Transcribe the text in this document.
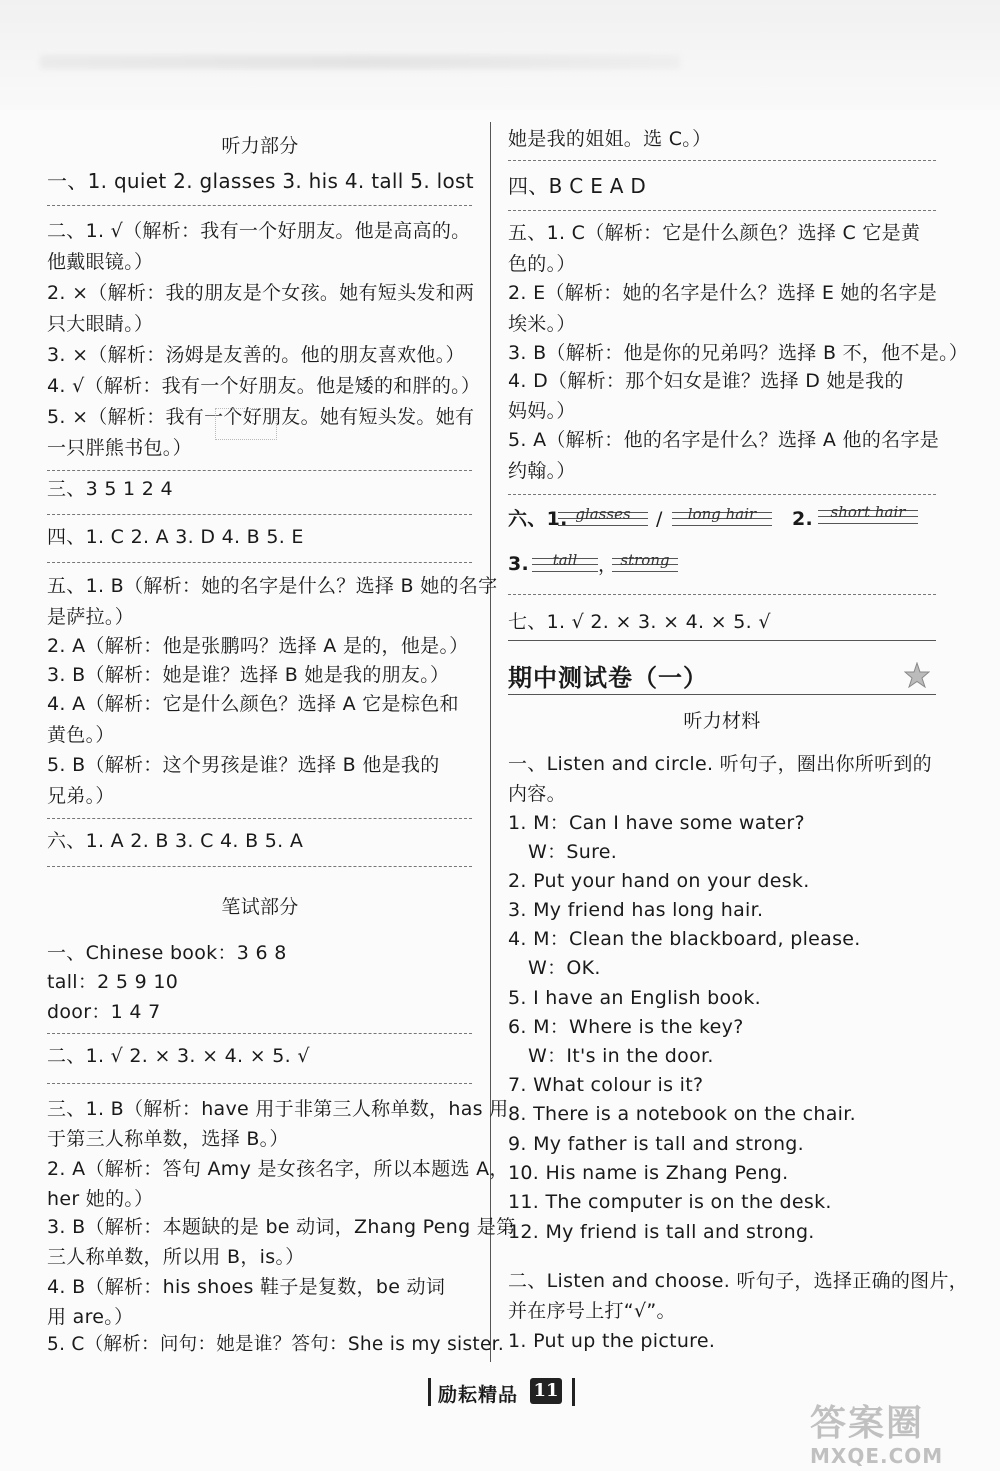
听力部分
一、1. quiet 2. glasses 3. his 4. tall 5. lost
二、1. √（解析：我有一个好朋友。他是高高的。
他戴眼镜。）
2. ×（解析：我的朋友是个女孩。她有短头发和两
只大眼睛。）
3. ×（解析：汤姆是友善的。他的朋友喜欢他。）
4. √（解析：我有一个好朋友。他是矮的和胖的。）
5. ×（解析：我有一个好朋友。她有短头发。她有
一只胖熊书包。）
三、3 5 1 2 4
四、1. C 2. A 3. D 4. B 5. E
五、1. B（解析：她的名字是什么？选择 B 她的名字
是萨拉。）
2. A（解析：他是张鹏吗？选择 A 是的，他是。）
3. B（解析：她是谁？选择 B 她是我的朋友。）
4. A（解析：它是什么颜色？选择 A 它是棕色和
黄色。）
5. B（解析：这个男孩是谁？选择 B 他是我的
兄弟。）
六、1. A 2. B 3. C 4. B 5. A
笔试部分
一、Chinese book：3 6 8
tall：2 5 9 10
door：1 4 7
二、1. √ 2. × 3. × 4. × 5. √
三、1. B（解析：have 用于非第三人称单数，has 用
于第三人称单数，选择 B。）
2. A（解析：答句 Amy 是女孩名字，所以本题选 A，
her 她的。）
3. B（解析：本题缺的是 be 动词，Zhang Peng 是第
三人称单数，所以用 B，is。）
4. B（解析：his shoes 鞋子是复数，be 动词
用 are。）
5. C（解析：问句：她是谁？答句：She is my sister.
她是我的姐姐。选 C。）
四、B C E A D
五、1. C（解析：它是什么颜色？选择 C 它是黄
色的。）
2. E（解析：她的名字是什么？选择 E 她的名字是
埃米。）
3. B（解析：他是你的兄弟吗？选择 B 不，他不是。）
4. D（解析：那个妇女是谁？选择 D 她是我的
妈妈。）
5. A（解析：他的名字是什么？选择 A 他的名字是
约翰。）
六、1. glasses	/	long hair	2.	short hair
3.	tall	， strong
七、1. √ 2. × 3. × 4. × 5. √
期中测试卷（一）
听力材料
一、Listen and circle. 听句子，圈出你所听到的
内容。
1. M：Can I have some water?
W：Sure.
2. Put your hand on your desk.
3. My friend has long hair.
4. M：Clean the blackboard, please.
W：OK.
5. I have an English book.
6. M：Where is the key?
W：It's in the door.
7. What colour is it?
8. There is a notebook on the chair.
9. My father is tall and strong.
10. His name is Zhang Peng.
11. The computer is on the desk.
12. My friend is tall and strong.
二、Listen and choose. 听句子，选择正确的图片，
并在序号上打“√”。
1. Put up the picture.
励耘精品 11
答案圈
MXQE.COM
